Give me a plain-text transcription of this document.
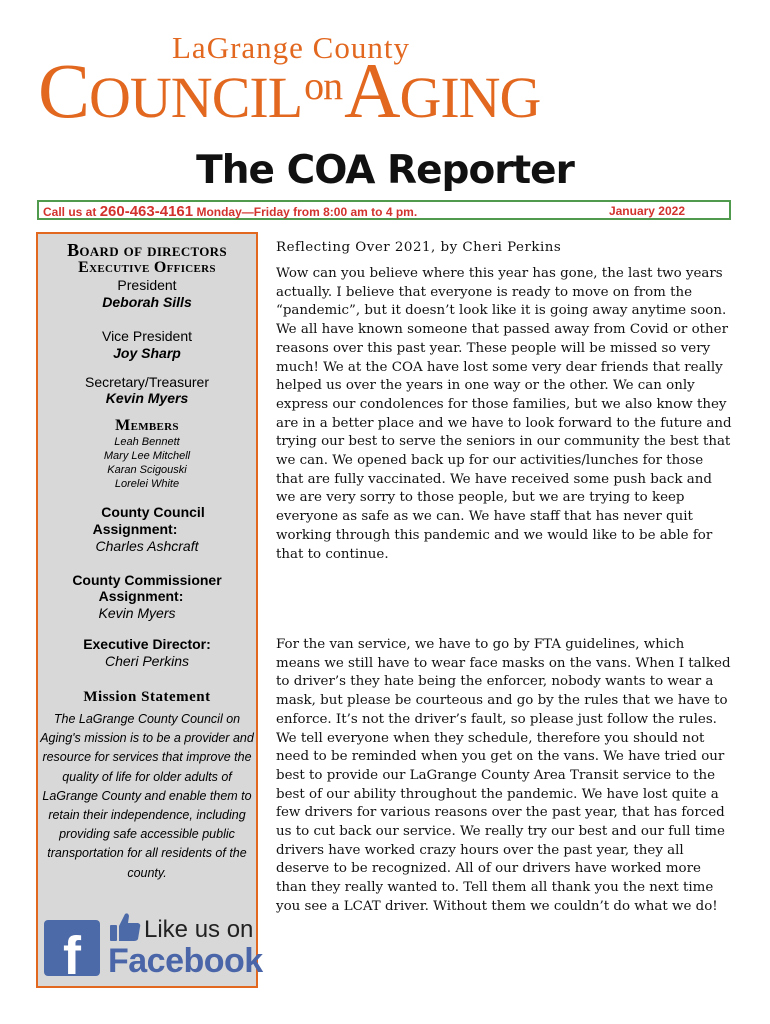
LaGrange County
$COUNCIL^{on}AGING$
The COA Reporter
Call us at 260-463-4161 Monday—Friday from 8:00 am to 4 pm.	January 2022
Board of directors
Executive Officers
President
Deborah Sills
Vice President
Joy Sharp
Secretary/Treasurer
Kevin Myers
Members
Leah Bennett
Mary Lee Mitchell
Karan Scigouski
Lorelei White
County Council
Assignment:
Charles Ashcraft
County Commissioner
Assignment:
Kevin Myers
Executive Director:
Cheri Perkins
Mission Statement
The LaGrange County Council on Aging's mission is to be a provider and resource for services that improve the quality of life for older adults of LaGrange County and enable them to retain their independence, including providing safe accessible public transportation for all residents of the county.
f	Like us on
Facebook
Reflecting Over 2021, by Cheri Perkins

Wow can you believe where this year has gone, the last two years actually. I believe that everyone is ready to move on from the “pandemic”, but it doesn’t look like it is going away anytime soon. We all have known someone that passed away from Covid or other reasons over this past year. These people will be missed so very much! We at the COA have lost some very dear friends that really helped us over the years in one way or the other. We can only express our condolences for those families, but we also know they are in a better place and we have to look forward to the future and trying our best to serve the seniors in our community the best that we can. We opened back up for our activities/lunches for those that are fully vaccinated. We have received some push back and we are very sorry to those people, but we are trying to keep everyone as safe as we can. We have staff that has never quit working through this pandemic and we would like to be able for that to continue.

For the van service, we have to go by FTA guidelines, which means we still have to wear face masks on the vans. When I talked to driver’s they hate being the enforcer, nobody wants to wear a mask, but please be courteous and go by the rules that we have to enforce. It’s not the driver’s fault, so please just follow the rules. We tell everyone when they schedule, therefore you should not need to be reminded when you get on the vans. We have tried our best to provide our LaGrange County Area Transit service to the best of our ability throughout the pandemic. We have lost quite a few drivers for various reasons over the past year, that has forced us to cut back our service. We really try our best and our full time drivers have worked crazy hours over the past year, they all deserve to be recognized. All of our drivers have worked more than they really wanted to. Tell them all thank you the next time you see a LCAT driver. Without them we couldn’t do what we do!
